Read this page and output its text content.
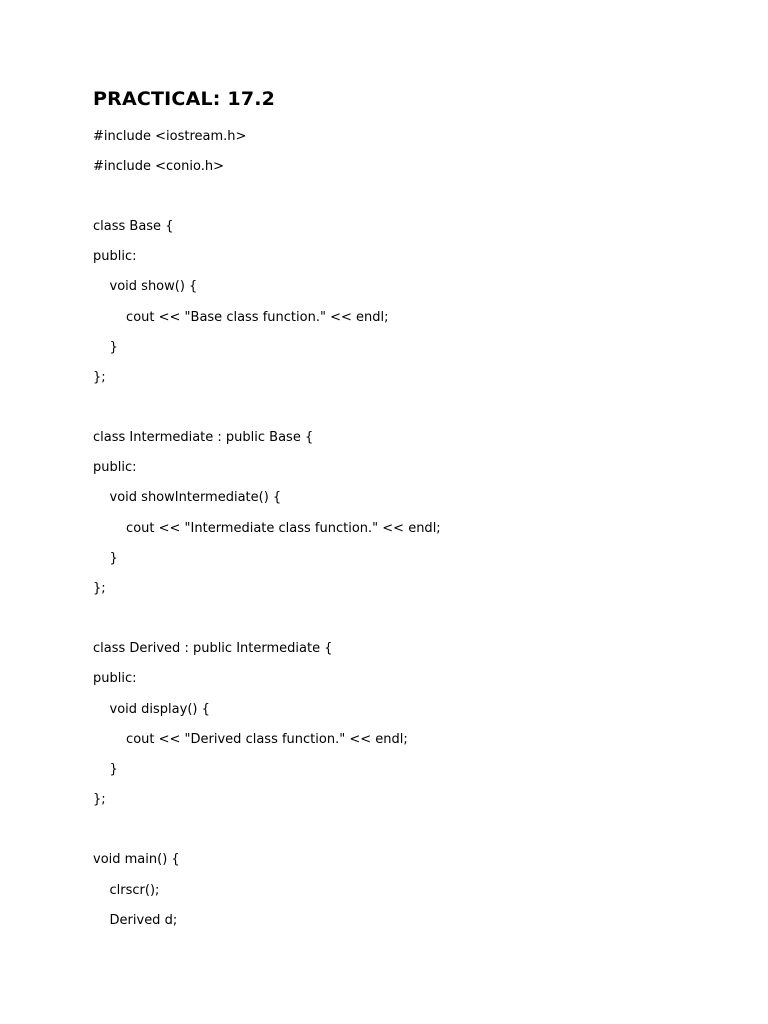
PRACTICAL: 17.2
#include <iostream.h>
#include <conio.h>
class Base {
public:
void show() {
cout << "Base class function." << endl;
}
};
class Intermediate : public Base {
public:
void showIntermediate() {
cout << "Intermediate class function." << endl;
}
};
class Derived : public Intermediate {
public:
void display() {
cout << "Derived class function." << endl;
}
};
void main() {
clrscr();
Derived d;
